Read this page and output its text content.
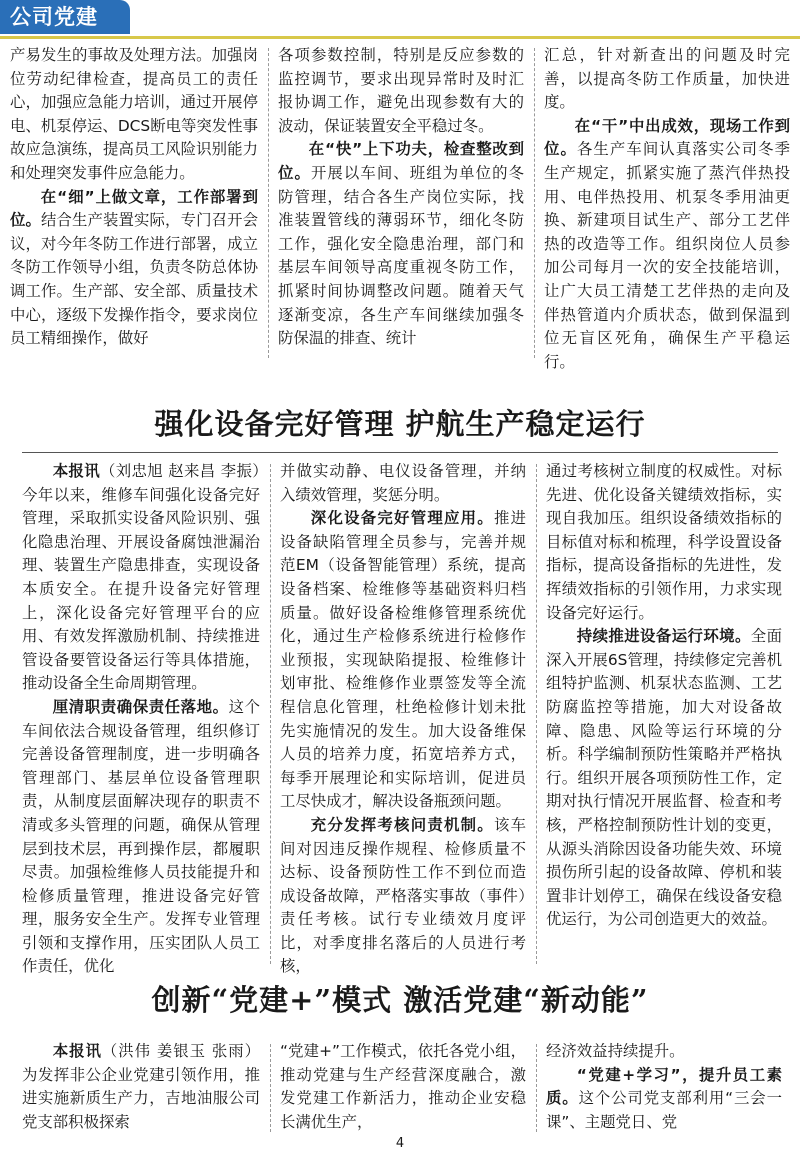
公司党建

产易发生的事故及处理方法。加强岗位劳动纪律检查，提高员工的责任心，加强应急能力培训，通过开展停电、机泵停运、DCS断电等突发性事故应急演练，提高员工风险识别能力和处理突发事件应急能力。

在“细”上做文章，工作部署到位。结合生产装置实际，专门召开会议，对今年冬防工作进行部署，成立冬防工作领导小组，负责冬防总体协调工作。生产部、安全部、质量技术中心，逐级下发操作指令，要求岗位员工精细操作，做好

各项参数控制，特别是反应参数的监控调节，要求出现异常时及时汇报协调工作，避免出现参数有大的波动，保证装置安全平稳过冬。

在“快”上下功夫，检查整改到位。开展以车间、班组为单位的冬防管理，结合各生产岗位实际，找准装置管线的薄弱环节，细化冬防工作，强化安全隐患治理，部门和基层车间领导高度重视冬防工作，抓紧时间协调整改问题。随着天气逐渐变凉，各生产车间继续加强冬防保温的排查、统计

汇总，针对新查出的问题及时完善，以提高冬防工作质量，加快进度。

在“干”中出成效，现场工作到位。各生产车间认真落实公司冬季生产规定，抓紧实施了蒸汽伴热投用、电伴热投用、机泵冬季用油更换、新建项目试生产、部分工艺伴热的改造等工作。组织岗位人员参加公司每月一次的安全技能培训，让广大员工清楚工艺伴热的走向及伴热管道内介质状态，做到保温到位无盲区死角，确保生产平稳运行。

强化设备完好管理 护航生产稳定运行

本报讯（刘忠旭 赵来昌 李振）今年以来，维修车间强化设备完好管理，采取抓实设备风险识别、强化隐患治理、开展设备腐蚀泄漏治理、装置生产隐患排查，实现设备本质安全。在提升设备完好管理上，深化设备完好管理平台的应用、有效发挥激励机制、持续推进管设备要管设备运行等具体措施，推动设备全生命周期管理。

厘清职责确保责任落地。这个车间依法合规设备管理，组织修订完善设备管理制度，进一步明确各管理部门、基层单位设备管理职责，从制度层面解决现存的职责不清或多头管理的问题，确保从管理层到技术层，再到操作层，都履职尽责。加强检维修人员技能提升和检修质量管理，推进设备完好管理，服务安全生产。发挥专业管理引领和支撑作用，压实团队人员工作责任，优化

并做实动静、电仪设备管理，并纳入绩效管理，奖惩分明。

深化设备完好管理应用。推进设备缺陷管理全员参与，完善并规范EM（设备智能管理）系统，提高设备档案、检维修等基础资料归档质量。做好设备检维修管理系统优化，通过生产检修系统进行检修作业预报，实现缺陷提报、检维修计划审批、检维修作业票签发等全流程信息化管理，杜绝检修计划未批先实施情况的发生。加大设备维保人员的培养力度，拓宽培养方式，每季开展理论和实际培训，促进员工尽快成才，解决设备瓶颈问题。

充分发挥考核问责机制。该车间对因违反操作规程、检修质量不达标、设备预防性工作不到位而造成设备故障，严格落实事故（事件）责任考核。试行专业绩效月度评比，对季度排名落后的人员进行考核，

通过考核树立制度的权威性。对标先进、优化设备关键绩效指标，实现自我加压。组织设备绩效指标的目标值对标和梳理，科学设置设备指标，提高设备指标的先进性，发挥绩效指标的引领作用，力求实现设备完好运行。

持续推进设备运行环境。全面深入开展6S管理，持续修定完善机组特护监测、机泵状态监测、工艺防腐监控等措施，加大对设备故障、隐患、风险等运行环境的分析。科学编制预防性策略并严格执行。组织开展各项预防性工作，定期对执行情况开展监督、检查和考核，严格控制预防性计划的变更，从源头消除因设备功能失效、环境损伤所引起的设备故障、停机和装置非计划停工，确保在线设备安稳优运行，为公司创造更大的效益。

创新“党建+”模式 激活党建“新动能”

本报讯（洪伟 姜银玉 张雨）为发挥非公企业党建引领作用，推进实施新质生产力，吉地油服公司党支部积极探索

“党建+”工作模式，依托各党小组，推动党建与生产经营深度融合，激发党建工作新活力，推动企业安稳长满优生产，

经济效益持续提升。

“党建+学习”，提升员工素质。这个公司党支部利用“三会一课”、主题党日、党

4
